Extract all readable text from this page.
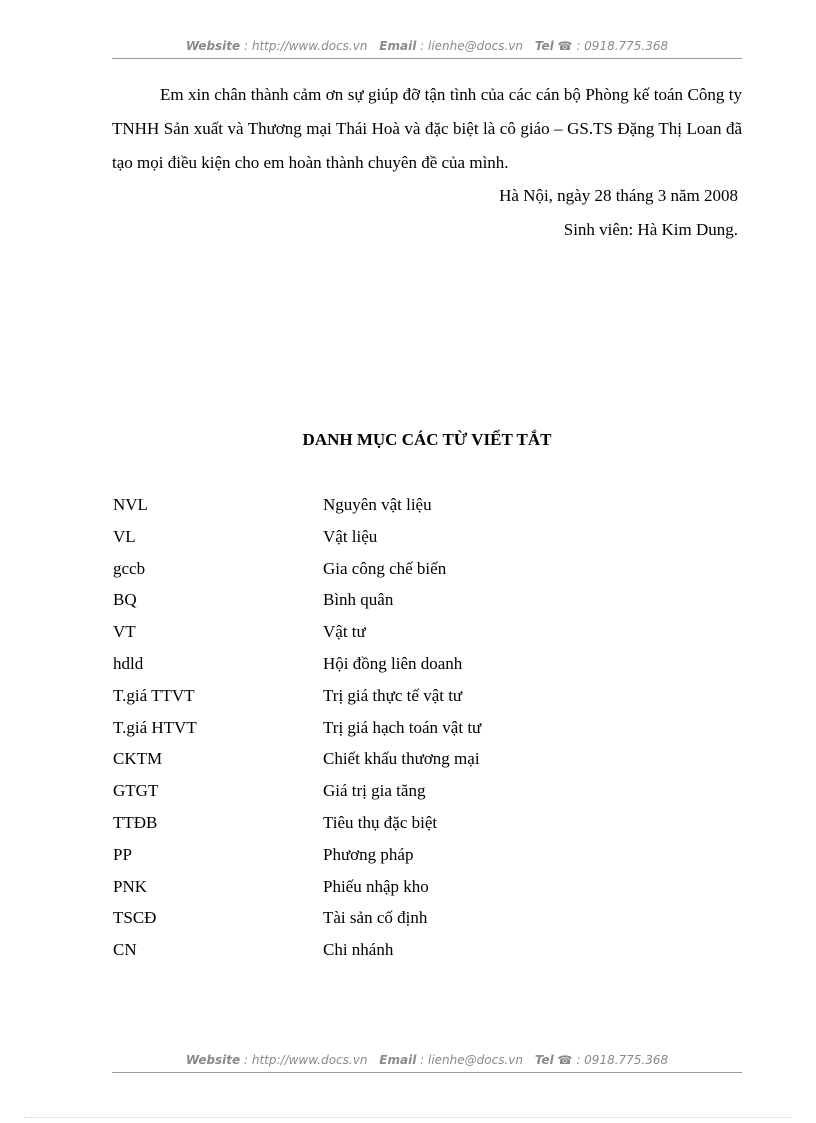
Website : http://www.docs.vn Email : lienhe@docs.vn Tel ☎ : 0918.775.368

Em xin chân thành cảm ơn sự giúp đỡ tận tình của các cán bộ Phòng kế toán Công ty TNHH Sản xuất và Thương mại Thái Hoà và đặc biệt là cô giáo – GS.TS Đặng Thị Loan đã tạo mọi điều kiện cho em hoàn thành chuyên đề của mình.

Hà Nội, ngày 28 tháng 3 năm 2008
Sinh viên: Hà Kim Dung.
DANH MỤC CÁC TỪ VIẾT TẮT
NVL	Nguyên vật liệu
VL	Vật liệu
gccb	Gia công chế biến
BQ	Bình quân
VT	Vật tư
hdld	Hội đồng liên doanh
T.giá TTVT	Trị giá thực tế vật tư
T.giá HTVT	Trị giá hạch toán vật tư
CKTM	Chiết khấu thương mại
GTGT	Giá trị gia tăng
TTĐB	Tiêu thụ đặc biệt
PP	Phương pháp
PNK	Phiếu nhập kho
TSCĐ	Tài sản cố định
CN	Chi nhánh
Website : http://www.docs.vn Email : lienhe@docs.vn Tel ☎ : 0918.775.368
